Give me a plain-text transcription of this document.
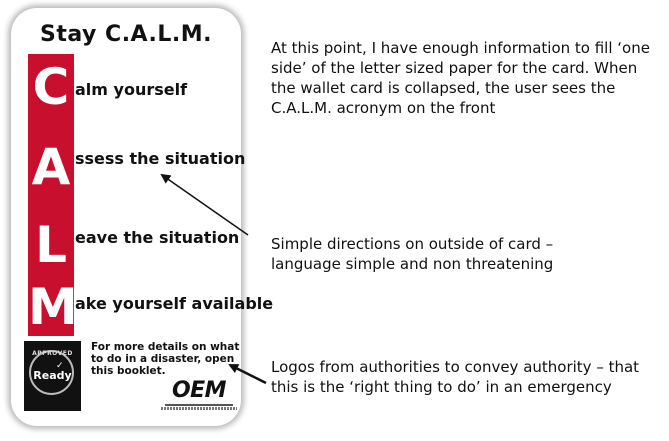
Stay C.A.L.M.
C
A
L
M
alm yourself
ssess the situation
eave the situation
ake yourself available
APPROVED
✓
Ready
For more details on what to do in a disaster, open this booklet.
OEM
At this point, I have enough information to fill ‘one side’ of the letter sized paper for the card. When the wallet card is collapsed, the user sees the C.A.L.M. acronym on the front
Simple directions on outside of card – language simple and non threatening
Logos from authorities to convey authority – that this is the ‘right thing to do’ in an emergency
